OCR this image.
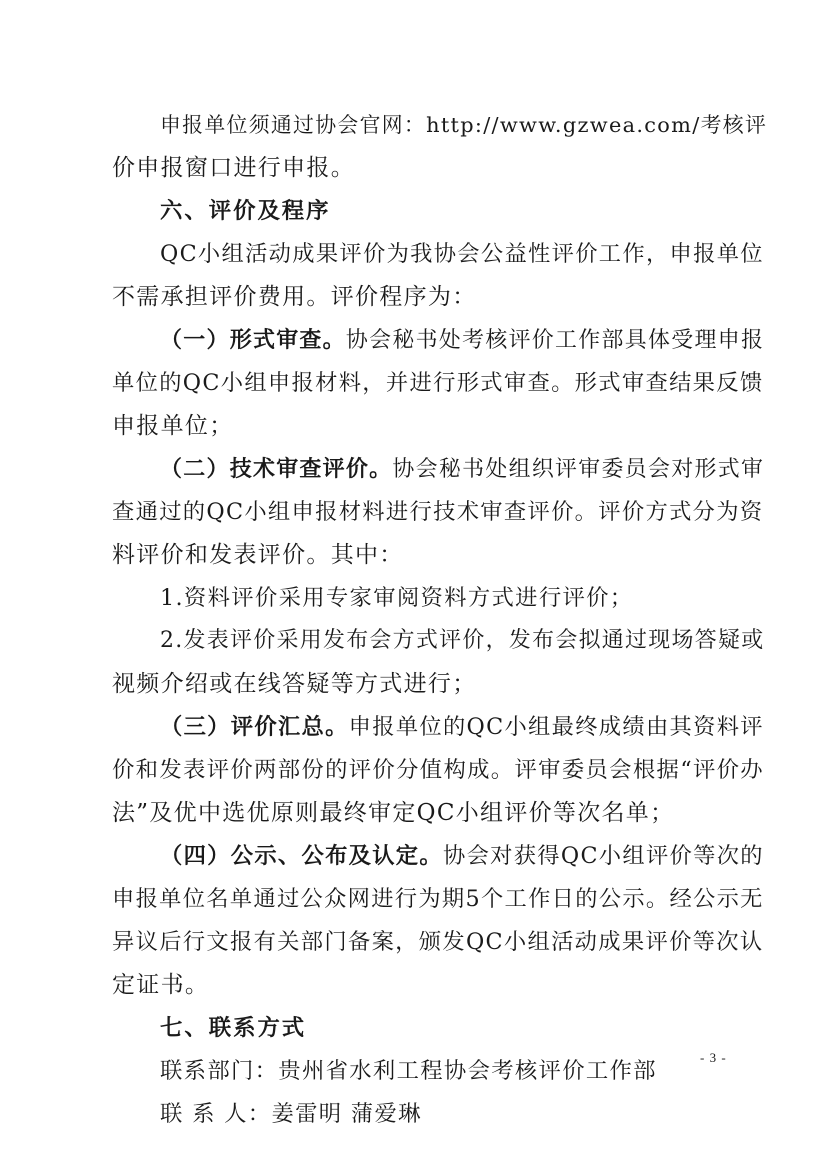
申报单位须通过协会官网：http://www.gzwea.com/考核评
价申报窗口进行申报。
六、评价及程序
QC小组活动成果评价为我协会公益性评价工作，申报单位
不需承担评价费用。评价程序为：
（一）形式审查。协会秘书处考核评价工作部具体受理申报
单位的QC小组申报材料，并进行形式审查。形式审查结果反馈
申报单位；
（二）技术审查评价。协会秘书处组织评审委员会对形式审
查通过的QC小组申报材料进行技术审查评价。评价方式分为资
料评价和发表评价。其中：
1.资料评价采用专家审阅资料方式进行评价；
2.发表评价采用发布会方式评价，发布会拟通过现场答疑或
视频介绍或在线答疑等方式进行；
（三）评价汇总。申报单位的QC小组最终成绩由其资料评
价和发表评价两部份的评价分值构成。评审委员会根据“评价办
法”及优中选优原则最终审定QC小组评价等次名单；
（四）公示、公布及认定。协会对获得QC小组评价等次的
申报单位名单通过公众网进行为期5个工作日的公示。经公示无
异议后行文报有关部门备案，颁发QC小组活动成果评价等次认
定证书。
七、联系方式
联系部门：贵州省水利工程协会考核评价工作部
联 系 人：姜雷明 蒲爱琳
- 3 -
